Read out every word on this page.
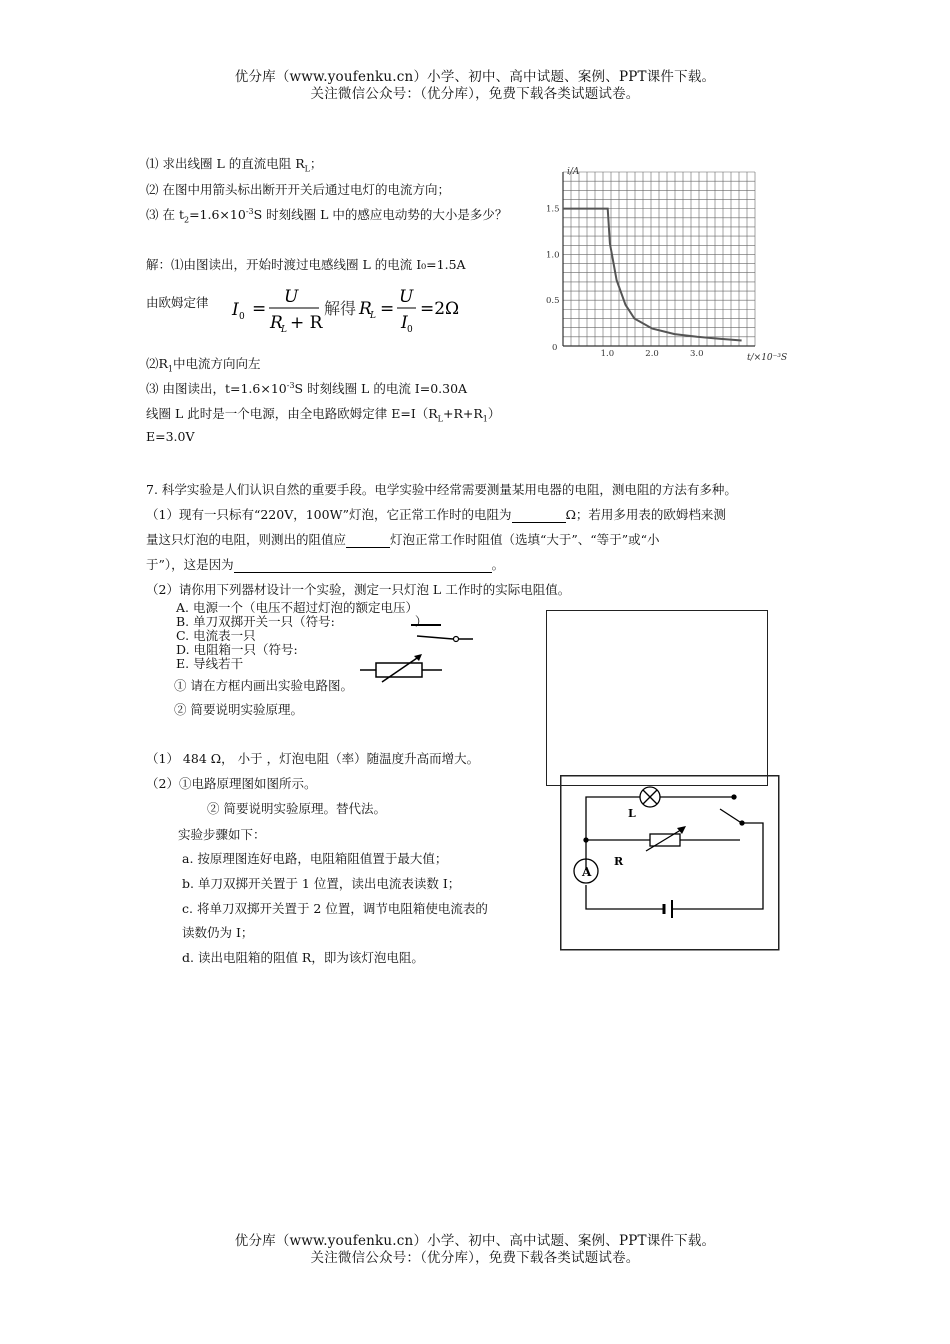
优分库（www.youfenku.cn）小学、初中、高中试题、案例、PPT课件下载。
关注微信公众号：（优分库），免费下载各类试题试卷。
⑴ 求出线圈 L 的直流电阻 $R_L$；
⑵ 在图中用箭头标出断开开关后通过电灯的电流方向；
⑶ 在 $t_2=1.6\times 10^{-3}S$ 时刻线圈 L 中的感应电动势的大小是多少？
解：⑴由图读出，开始时渡过电感线圈 L 的电流 I₀=1.5A
由欧姆定律 I 0 =
U
R
L + R
解得 R
L =
U
I 0
=2Ω
$⑵R_1$中电流方向向左
⑶ 由图读出，$t=1.6\times 10^{-3}S$ 时刻线圈 L 的电流 I=0.30A
线圈 L 此时是一个电源，由全电路欧姆定律 $E=I(R_L+R+R_1)$
E=3.0V
i/A
t/×10⁻³S
1.5
1.0
0.5
0
1.0	2.0	3.0
7. 科学实验是人们认识自然的重要手段。电学实验中经常需要测量某用电器的电阻，测电阻的方法有多种。
（1）现有一只标有“220V，100W”灯泡，它正常工作时的电阻为	Ω；若用多用表的欧姆档来测
量这只灯泡的电阻，则测出的阻值应	灯泡正常工作时阻值（选填“大于”、“等于”或“小
于”），这是因为	。
（2）请你用下列器材设计一个实验，测定一只灯泡 L 工作时的实际电阻值。
A. 电源一个（电压不超过灯泡的额定电压）
B. 单刀双掷开关一只（符号:	）
C. 电流表一只
D. 电阻箱一只（符号:
E. 导线若干
① 请在方框内画出实验电路图。
② 简要说明实验原理。
（1） 484 Ω， 小于 ，灯泡电阻（率）随温度升高而增大。
（2）①电路原理图如图所示。
② 简要说明实验原理。替代法。
实验步骤如下：
a. 按原理图连好电路，电阻箱阻值置于最大值；
b. 单刀双掷开关置于 1 位置，读出电流表读数 I；
c. 将单刀双掷开关置于 2 位置，调节电阻箱使电流表的
读数仍为 I；
d. 读出电阻箱的阻值 R，即为该灯泡电阻。
A
L
R
优分库（www.youfenku.cn）小学、初中、高中试题、案例、PPT课件下载。
关注微信公众号：（优分库），免费下载各类试题试卷。
